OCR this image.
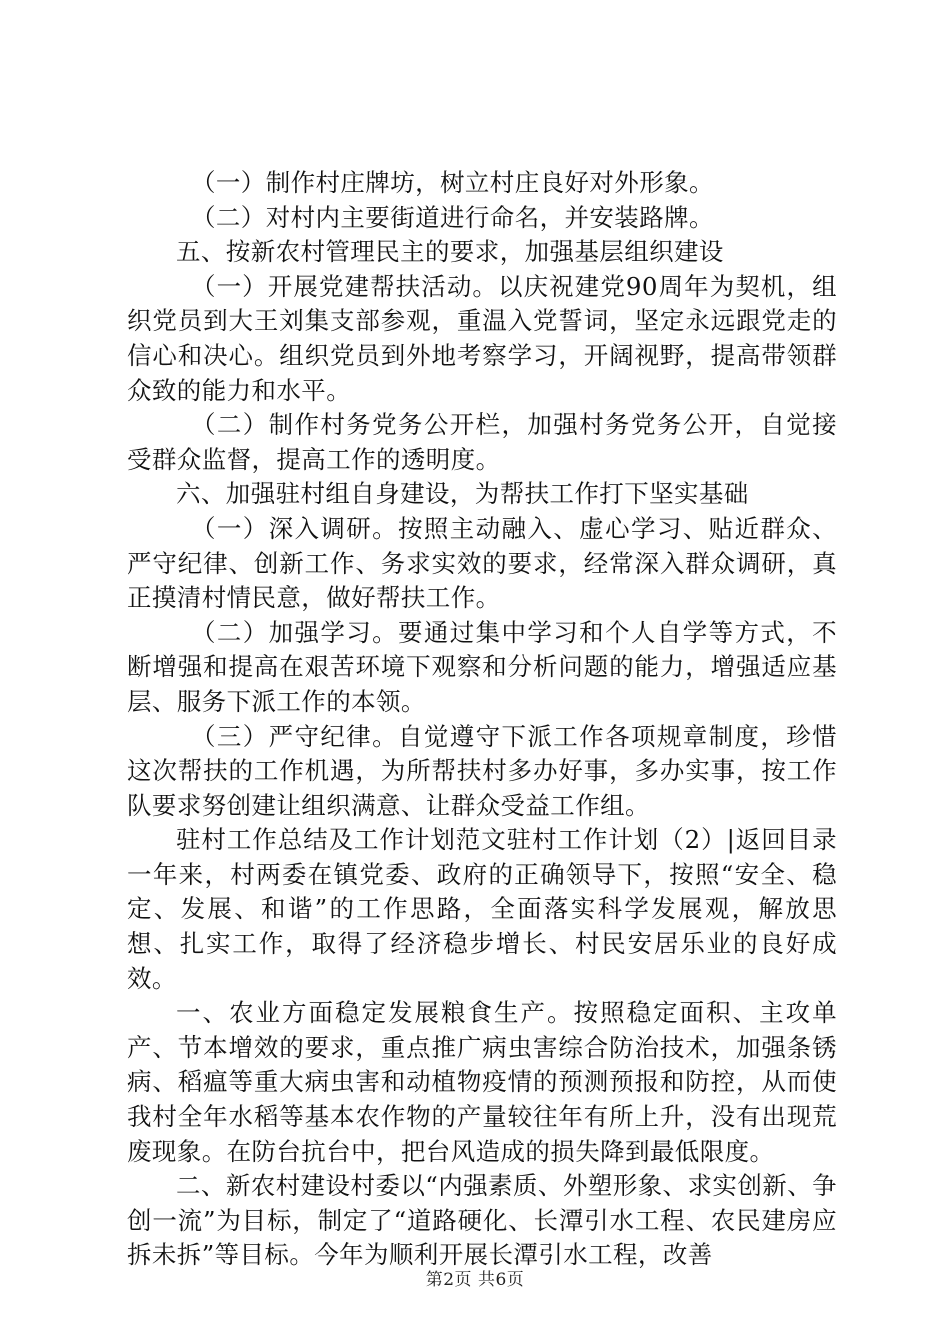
（一）制作村庄牌坊，树立村庄良好对外形象。

（二）对村内主要街道进行命名，并安装路牌。

五、按新农村管理民主的要求，加强基层组织建设

（一）开展党建帮扶活动。以庆祝建党90周年为契机，组织党员到大王刘集支部参观，重温入党誓词，坚定永远跟党走的信心和决心。组织党员到外地考察学习，开阔视野，提高带领群众致的能力和水平。

（二）制作村务党务公开栏，加强村务党务公开，自觉接受群众监督，提高工作的透明度。

六、加强驻村组自身建设，为帮扶工作打下坚实基础

（一）深入调研。按照主动融入、虚心学习、贴近群众、严守纪律、创新工作、务求实效的要求，经常深入群众调研，真正摸清村情民意，做好帮扶工作。

（二）加强学习。要通过集中学习和个人自学等方式，不断增强和提高在艰苦环境下观察和分析问题的能力，增强适应基层、服务下派工作的本领。

（三）严守纪律。自觉遵守下派工作各项规章制度，珍惜这次帮扶的工作机遇，为所帮扶村多办好事，多办实事，按工作队要求努创建让组织满意、让群众受益工作组。

驻村工作总结及工作计划范文驻村工作计划（2）|返回目录一年来，村两委在镇党委、政府的正确领导下，按照“安全、稳定、发展、和谐”的工作思路，全面落实科学发展观，解放思想、扎实工作，取得了经济稳步增长、村民安居乐业的良好成效。

一、农业方面稳定发展粮食生产。按照稳定面积、主攻单产、节本增效的要求，重点推广病虫害综合防治技术，加强条锈病、稻瘟等重大病虫害和动植物疫情的预测预报和防控，从而使我村全年水稻等基本农作物的产量较往年有所上升，没有出现荒废现象。在防台抗台中，把台风造成的损失降到最低限度。

二、新农村建设村委以“内强素质、外塑形象、求实创新、争创一流”为目标，制定了“道路硬化、长潭引水工程、农民建房应拆未拆”等目标。今年为顺利开展长潭引水工程，改善

第2页 共6页
